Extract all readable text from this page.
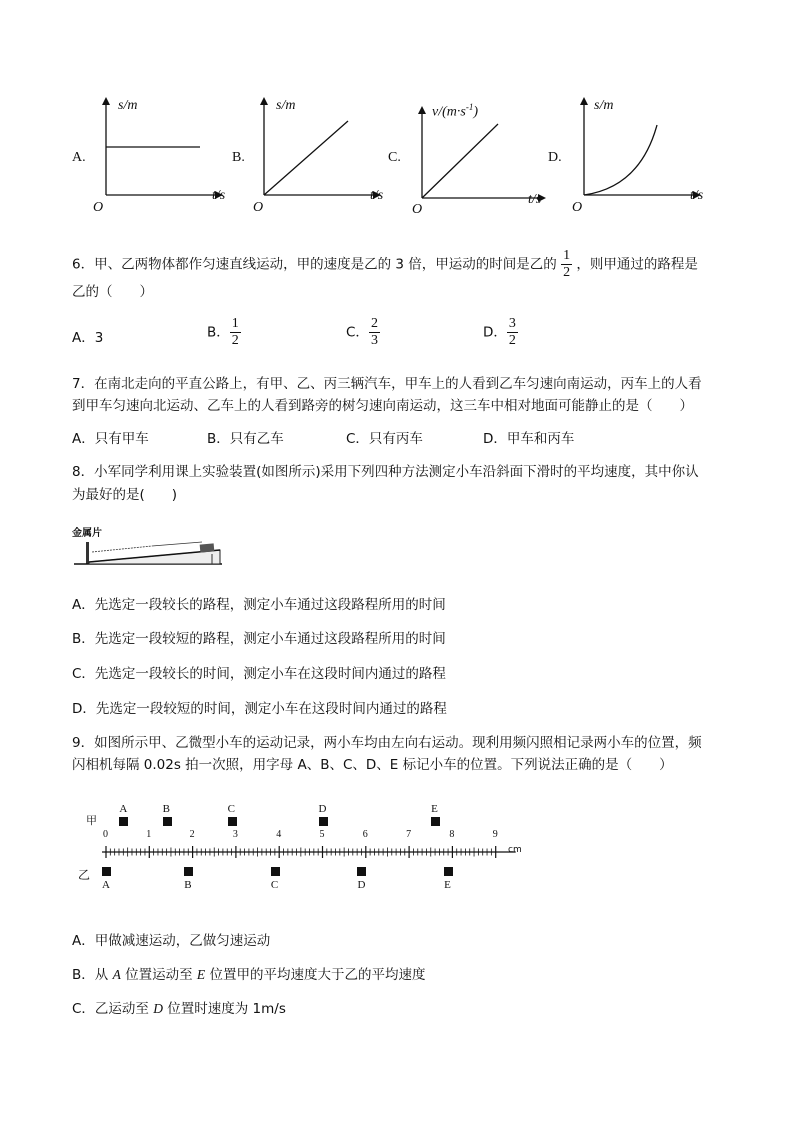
A.
s/m
t/s
O
B.
s/m
t/s
O
C.
$v/(m\cdot s^{-1})$
t/s
O
D.
s/m
t/s
O
6．甲、乙两物体都作匀速直线运动，甲的速度是乙的 3 倍，甲运动的时间是乙的 $\frac{1}{2}$ ，则甲通过的路程是
乙的（　　）
A．3	B． $\frac{1}{2}$	C． $\frac{2}{3}$	D． $\frac{3}{2}$
7．在南北走向的平直公路上，有甲、乙、丙三辆汽车，甲车上的人看到乙车匀速向南运动，丙车上的人看
到甲车匀速向北运动、乙车上的人看到路旁的树匀速向南运动，这三车中相对地面可能静止的是（　　）
A．只有甲车	B．只有乙车	C．只有丙车	D．甲车和丙车
8．小军同学利用课上实验装置(如图所示)采用下列四种方法测定小车沿斜面下滑时的平均速度，其中你认
为最好的是(　　)
金属片
A．先选定一段较长的路程，测定小车通过这段路程所用的时间
B．先选定一段较短的路程，测定小车通过这段路程所用的时间
C．先选定一段较长的时间，测定小车在这段时间内通过的路程
D．先选定一段较短的时间，测定小车在这段时间内通过的路程
9．如图所示甲、乙微型小车的运动记录，两小车均由左向右运动。现利用频闪照相记录两小车的位置，频
闪相机每隔 0.02s 拍一次照，用字母 A、B、C、D、E 标记小车的位置。下列说法正确的是（　　）
甲
乙
cm
0	1	2	3	4	5	6	7	8	9
A	B	C	D	E
A	B	C	D	E
A．甲做减速运动，乙做匀速运动
B．从 A 位置运动至 E 位置甲的平均速度大于乙的平均速度
C．乙运动至 D 位置时速度为 1m/s
